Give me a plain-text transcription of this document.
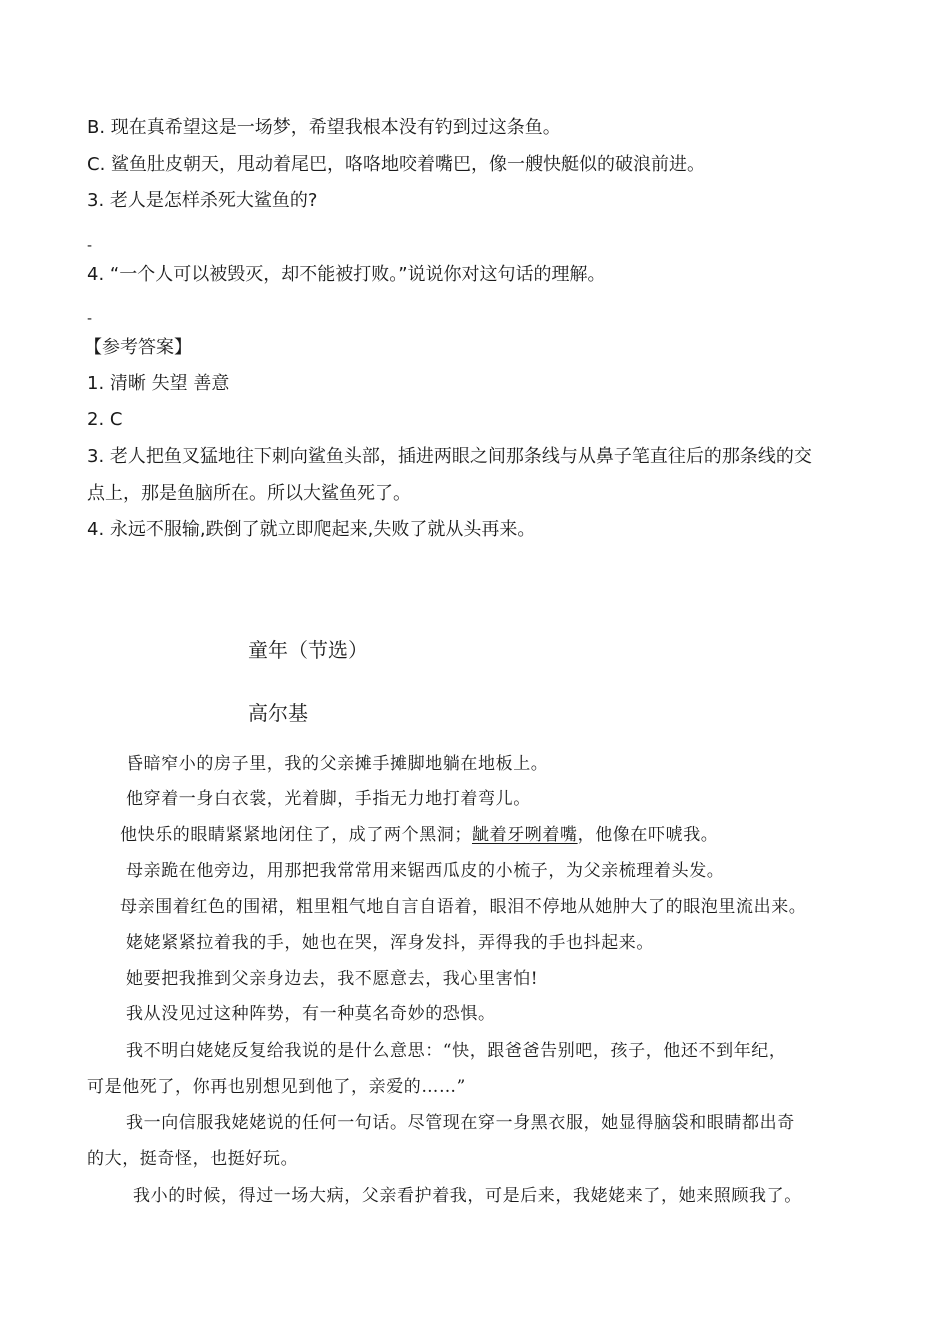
B. 现在真希望这是一场梦，希望我根本没有钓到过这条鱼。
C. 鲨鱼肚皮朝天，甩动着尾巴，咯咯地咬着嘴巴，像一艘快艇似的破浪前进。
3. 老人是怎样杀死大鲨鱼的?
-
4. “一个人可以被毁灭，却不能被打败。”说说你对这句话的理解。
-
【参考答案】
1. 清晰 失望 善意
2. C
3. 老人把鱼叉猛地往下刺向鲨鱼头部，插进两眼之间那条线与从鼻子笔直往后的那条线的交
点上，那是鱼脑所在。所以大鲨鱼死了。
4. 永远不服输,跌倒了就立即爬起来,失败了就从头再来。
童年（节选）
高尔基
昏暗窄小的房子里，我的父亲摊手摊脚地躺在地板上。
他穿着一身白衣裳，光着脚，手指无力地打着弯儿。
他快乐的眼睛紧紧地闭住了，成了两个黑洞；龇着牙咧着嘴，他像在吓唬我。
母亲跪在他旁边，用那把我常常用来锯西瓜皮的小梳子，为父亲梳理着头发。
母亲围着红色的围裙，粗里粗气地自言自语着，眼泪不停地从她肿大了的眼泡里流出来。
姥姥紧紧拉着我的手，她也在哭，浑身发抖，弄得我的手也抖起来。
她要把我推到父亲身边去，我不愿意去，我心里害怕!
我从没见过这种阵势，有一种莫名奇妙的恐惧。
我不明白姥姥反复给我说的是什么意思：“快，跟爸爸告别吧，孩子，他还不到年纪，
可是他死了，你再也别想见到他了，亲爱的……”
我一向信服我姥姥说的任何一句话。尽管现在穿一身黑衣服，她显得脑袋和眼睛都出奇
的大，挺奇怪，也挺好玩。
我小的时候，得过一场大病，父亲看护着我，可是后来，我姥姥来了，她来照顾我了。
